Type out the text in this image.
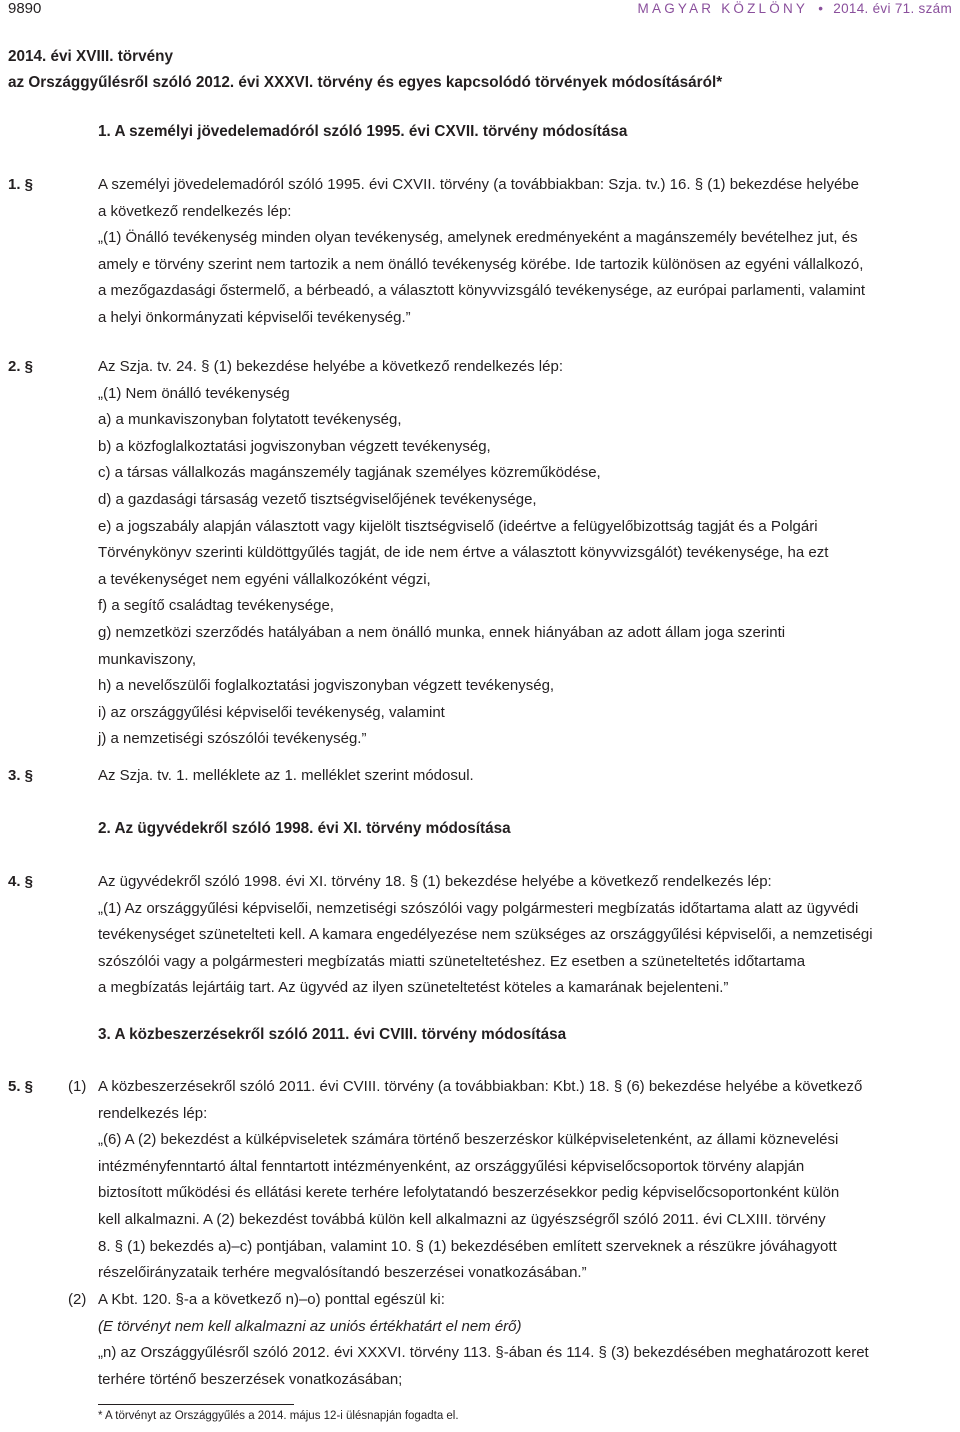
9890	MAGYAR KÖZLÖNY • 2014. évi 71. szám
2014. évi XVIII. törvény
az Országgyűlésről szóló 2012. évi XXXVI. törvény és egyes kapcsolódó törvények módosításáról*
1. A személyi jövedelemadóról szóló 1995. évi CXVII. törvény módosítása
1. §	A személyi jövedelemadóról szóló 1995. évi CXVII. törvény (a továbbiakban: Szja. tv.) 16. § (1) bekezdése helyébe

a következő rendelkezés lép:

„(1) Önálló tevékenység minden olyan tevékenység, amelynek eredményeként a magánszemély bevételhez jut, és

amely e törvény szerint nem tartozik a nem önálló tevékenység körébe. Ide tartozik különösen az egyéni vállalkozó,

a mezőgazdasági őstermelő, a bérbeadó, a választott könyvvizsgáló tevékenysége, az európai parlamenti, valamint

a helyi önkormányzati képviselői tevékenység.”

2. §	Az Szja. tv. 24. § (1) bekezdése helyébe a következő rendelkezés lép:

„(1) Nem önálló tevékenység

a) a munkaviszonyban folytatott tevékenység,

b) a közfoglalkoztatási jogviszonyban végzett tevékenység,

c) a társas vállalkozás magánszemély tagjának személyes közreműködése,

d) a gazdasági társaság vezető tisztségviselőjének tevékenysége,

e) a jogszabály alapján választott vagy kijelölt tisztségviselő (ideértve a felügyelőbizottság tagját és a Polgári

Törvénykönyv szerinti küldöttgyűlés tagját, de ide nem értve a választott könyvvizsgálót) tevékenysége, ha ezt

a tevékenységet nem egyéni vállalkozóként végzi,

f) a segítő családtag tevékenysége,

g) nemzetközi szerződés hatályában a nem önálló munka, ennek hiányában az adott állam joga szerinti

munkaviszony,

h) a nevelőszülői foglalkoztatási jogviszonyban végzett tevékenység,

i) az országgyűlési képviselői tevékenység, valamint

j) a nemzetiségi szószólói tevékenység.”

3. §	Az Szja. tv. 1. melléklete az 1. melléklet szerint módosul.
2. Az ügyvédekről szóló 1998. évi XI. törvény módosítása
4. §	Az ügyvédekről szóló 1998. évi XI. törvény 18. § (1) bekezdése helyébe a következő rendelkezés lép:

„(1) Az országgyűlési képviselői, nemzetiségi szószólói vagy polgármesteri megbízatás időtartama alatt az ügyvédi

tevékenységet szünetelteti kell. A kamara engedélyezése nem szükséges az országgyűlési képviselői, a nemzetiségi

szószólói vagy a polgármesteri megbízatás miatti szüneteltetéshez. Ez esetben a szüneteltetés időtartama

a megbízatás lejártáig tart. Az ügyvéd az ilyen szüneteltetést köteles a kamarának bejelenteni.”

3. A közbeszerzésekről szóló 2011. évi CVIII. törvény módosítása
5. § (1) A közbeszerzésekről szóló 2011. évi CVIII. törvény (a továbbiakban: Kbt.) 18. § (6) bekezdése helyébe a következő

rendelkezés lép:

„(6) A (2) bekezdést a külképviseletek számára történő beszerzéskor külképviseletenként, az állami köznevelési

intézményfenntartó által fenntartott intézményenként, az országgyűlési képviselőcsoportok törvény alapján

biztosított működési és ellátási kerete terhére lefolytatandó beszerzésekkor pedig képviselőcsoportonként külön

kell alkalmazni. A (2) bekezdést továbbá külön kell alkalmazni az ügyészségről szóló 2011. évi CLXIII. törvény

8. § (1) bekezdés a)–c) pontjában, valamint 10. § (1) bekezdésében említett szerveknek a részükre jóváhagyott

részelőirányzataik terhére megvalósítandó beszerzései vonatkozásában.”

(2) A Kbt. 120. §-a a következő n)–o) ponttal egészül ki:

(E törvényt nem kell alkalmazni az uniós értékhatárt el nem érő)

„n) az Országgyűlésről szóló 2012. évi XXXVI. törvény 113. §-ában és 114. § (3) bekezdésében meghatározott keret

terhére történő beszerzések vonatkozásában;

* A törvényt az Országgyűlés a 2014. május 12-i ülésnapján fogadta el.
